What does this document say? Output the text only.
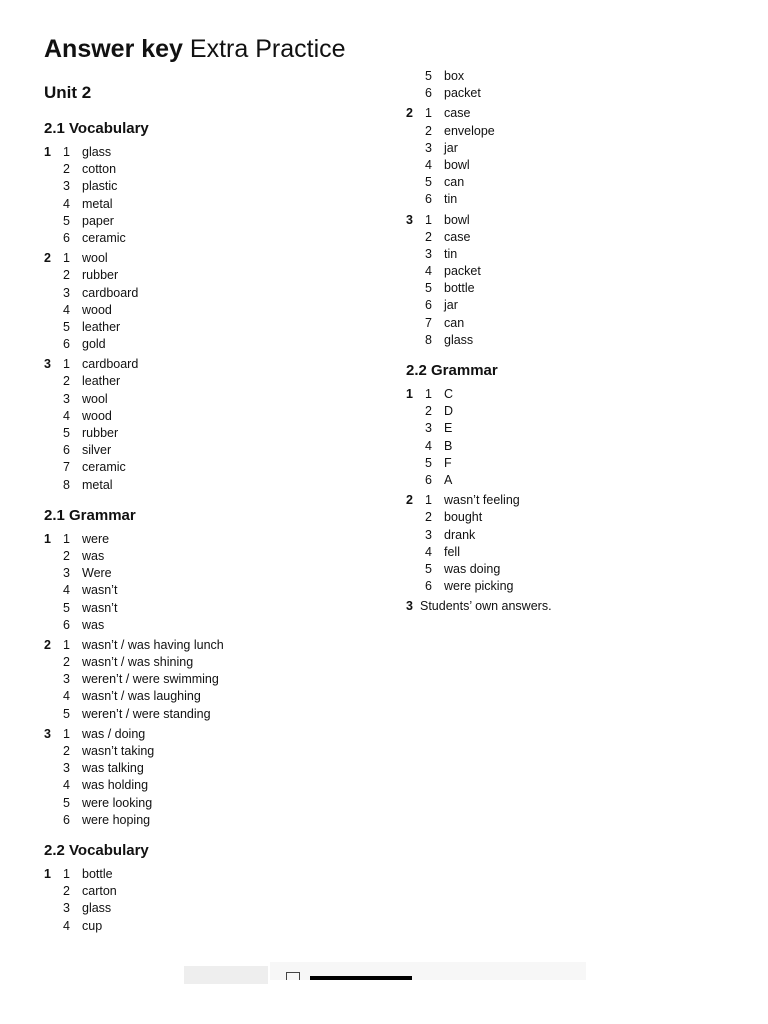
Answer key Extra Practice
Unit 2
2.1 Vocabulary
1 1 glass
2 cotton
3 plastic
4 metal
5 paper
6 ceramic
2 1 wool
2 rubber
3 cardboard
4 wood
5 leather
6 gold
3 1 cardboard
2 leather
3 wool
4 wood
5 rubber
6 silver
7 ceramic
8 metal
2.1 Grammar
1 1 were
2 was
3 Were
4 wasn’t
5 wasn’t
6 was
2 1 wasn’t / was having lunch
2 wasn’t / was shining
3 weren’t / were swimming
4 wasn’t / was laughing
5 weren’t / were standing
3 1 was / doing
2 wasn’t taking
3 was talking
4 was holding
5 were looking
6 were hoping
2.2 Vocabulary
1 1 bottle
2 carton
3 glass
4 cup
5 box
6 packet
2 1 case
2 envelope
3 jar
4 bowl
5 can
6 tin
3 1 bowl
2 case
3 tin
4 packet
5 bottle
6 jar
7 can
8 glass
2.2 Grammar
1 1 C
2 D
3 E
4 B
5 F
6 A
2 1 wasn’t feeling
2 bought
3 drank
4 fell
5 was doing
6 were picking
3 Students’ own answers.
